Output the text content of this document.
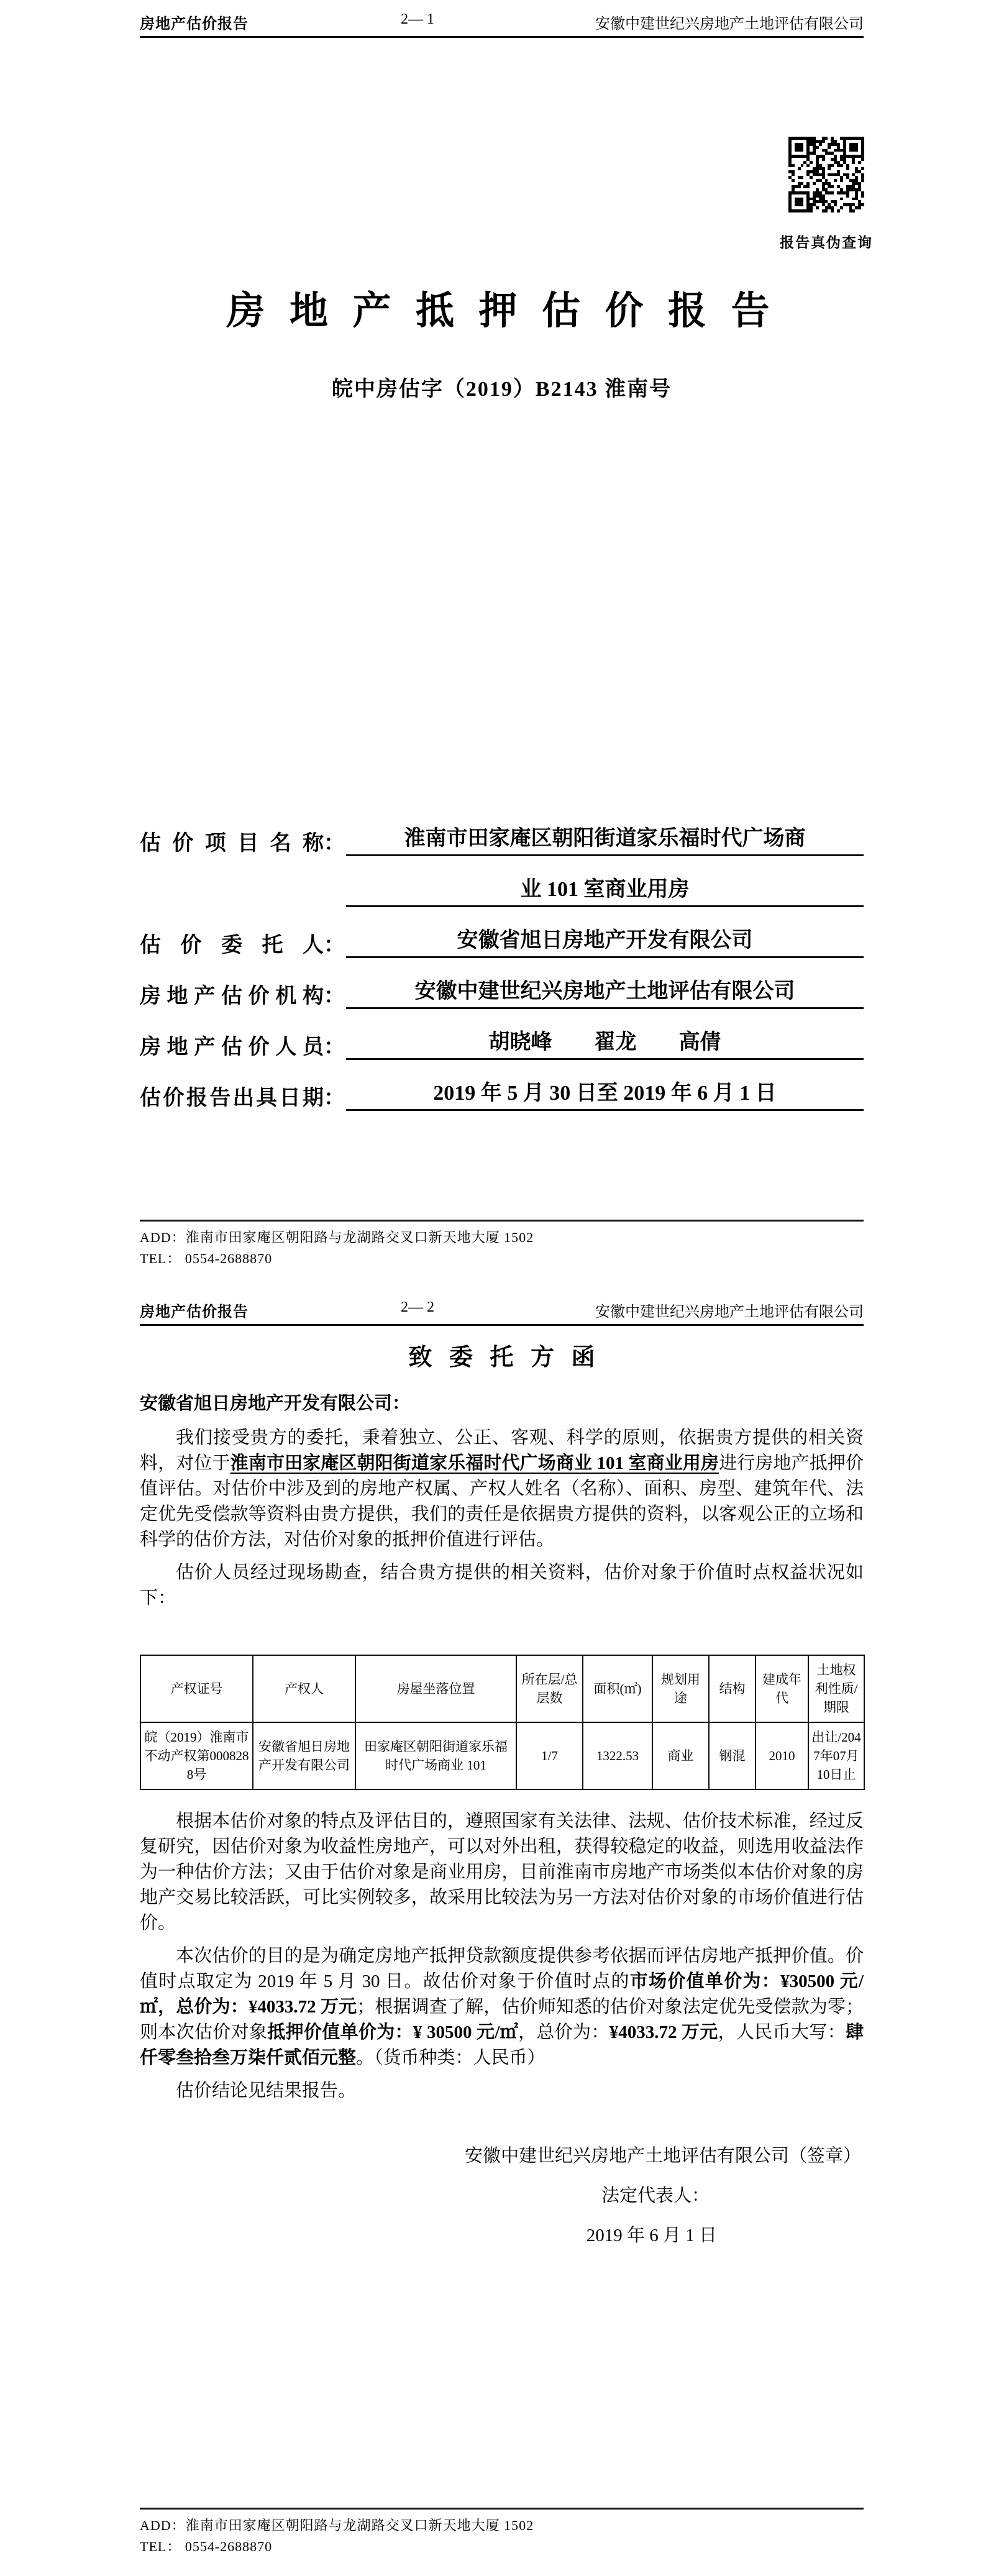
房地产估价报告	2— 1	安徽中建世纪兴房地产土地评估有限公司
报告真伪查询
房 地 产 抵 押 估 价 报 告
皖中房估字（2019）B2143 淮南号
估价项目名称 ：	淮南市田家庵区朝阳街道家乐福时代广场商
业 101 室商业用房
估价委托人 ：	安徽省旭日房地产开发有限公司
房地产估价机构 ：	安徽中建世纪兴房地产土地评估有限公司
房地产估价人员 ：	胡晓峰　　翟龙　　高倩
估价报告出具日期 ：	2019 年 5 月 30 日至 2019 年 6 月 1 日
ADD：淮南市田家庵区朝阳路与龙湖路交叉口新天地大厦 1502
TEL： 0554-2688870
房地产估价报告	2— 2	安徽中建世纪兴房地产土地评估有限公司
致 委 托 方 函
安徽省旭日房地产开发有限公司：
我们接受贵方的委托，秉着独立、公正、客观、科学的原则，依据贵方提供的相关资料，对位于淮南市田家庵区朝阳街道家乐福时代广场商业 101 室商业用房进行房地产抵押价值评估。对估价中涉及到的房地产权属、产权人姓名（名称）、面积、房型、建筑年代、法定优先受偿款等资料由贵方提供，我们的责任是依据贵方提供的资料，以客观公正的立场和科学的估价方法，对估价对象的抵押价值进行评估。
估价人员经过现场勘查，结合贵方提供的相关资料，估价对象于价值时点权益状况如下：
产权证号	产权人	房屋坐落位置	所在层/总层数	面积(㎡)	规划用途	结构	建成年代	土地权利性质/期限
皖（2019）淮南市不动产权第0008288号	安徽省旭日房地产开发有限公司	田家庵区朝阳街道家乐福时代广场商业 101	1/7	1322.53	商业	钢混	2010	出让/2047年07月10日止
根据本估价对象的特点及评估目的，遵照国家有关法律、法规、估价技术标准，经过反复研究，因估价对象为收益性房地产，可以对外出租，获得较稳定的收益，则选用收益法作为一种估价方法；又由于估价对象是商业用房，目前淮南市房地产市场类似本估价对象的房地产交易比较活跃，可比实例较多，故采用比较法为另一方法对估价对象的市场价值进行估价。
本次估价的目的是为确定房地产抵押贷款额度提供参考依据而评估房地产抵押价值。价值时点取定为 2019 年 5 月 30 日。故估价对象于价值时点的市场价值单价为：¥30500 元/㎡，总价为：¥4033.72 万元；根据调查了解，估价师知悉的估价对象法定优先受偿款为零；则本次估价对象抵押价值单价为：¥ 30500 元/㎡，总价为：¥4033.72 万元，人民币大写：肆仟零叁拾叁万柒仟贰佰元整。（货币种类：人民币）
估价结论见结果报告。
安徽中建世纪兴房地产土地评估有限公司（签章）
法定代表人：
2019 年 6 月 1 日
ADD：淮南市田家庵区朝阳路与龙湖路交叉口新天地大厦 1502
TEL： 0554-2688870
